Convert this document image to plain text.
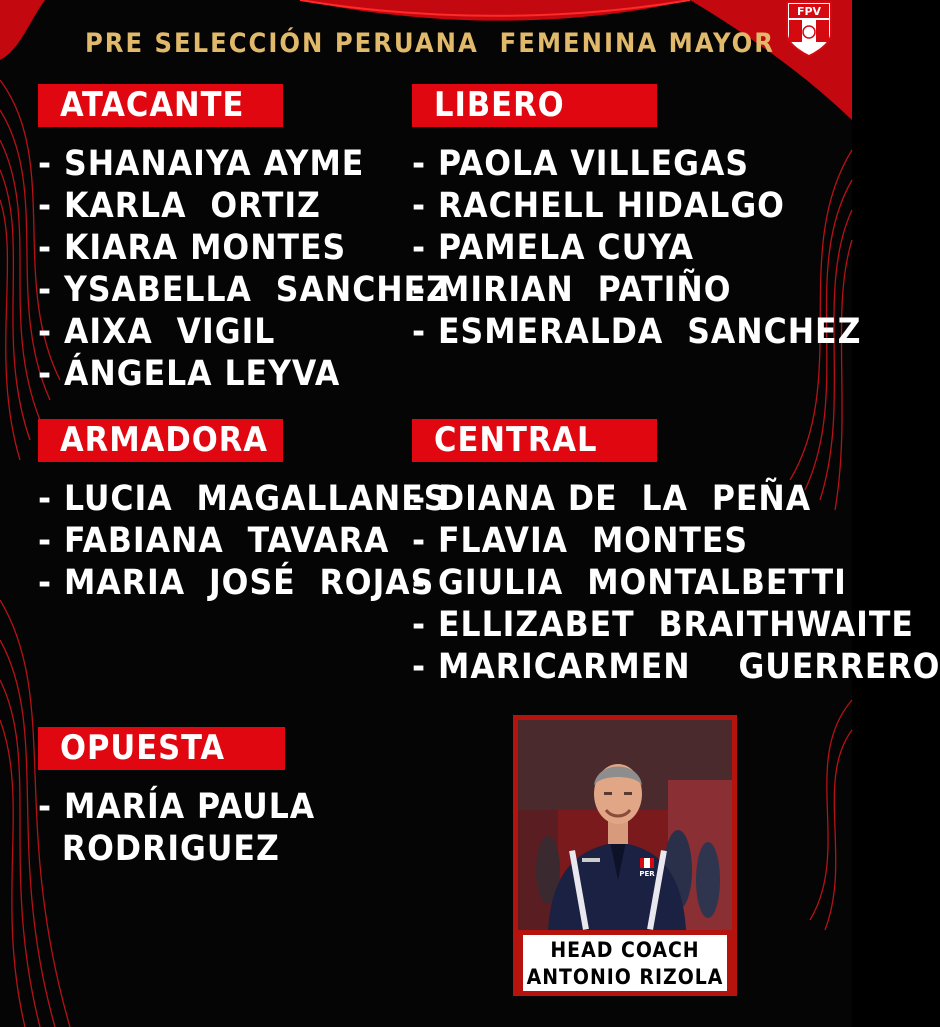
PRE SELECCIÓN PERUANA  FEMENINA MAYOR
FPV
ATACANTE
- SHANAIYA AYME
- KARLA  ORTIZ
- KIARA MONTES
- YSABELLA  SANCHEZ
- AIXA  VIGIL
- ÁNGELA LEYVA
LIBERO
- PAOLA VILLEGAS
- RACHELL HIDALGO
- PAMELA CUYA
- MIRIAN  PATIÑO
- ESMERALDA  SANCHEZ
ARMADORA
- LUCIA  MAGALLANES
- FABIANA  TAVARA
- MARIA  JOSÉ  ROJAS
CENTRAL
- DIANA DE  LA  PEÑA
- FLAVIA  MONTES
- GIULIA  MONTALBETTI
- ELLIZABET  BRAITHWAITE
- MARICARMEN    GUERRERO
OPUESTA
- MARÍA PAULA
RODRIGUEZ
PER
HEAD COACH
ANTONIO RIZOLA
